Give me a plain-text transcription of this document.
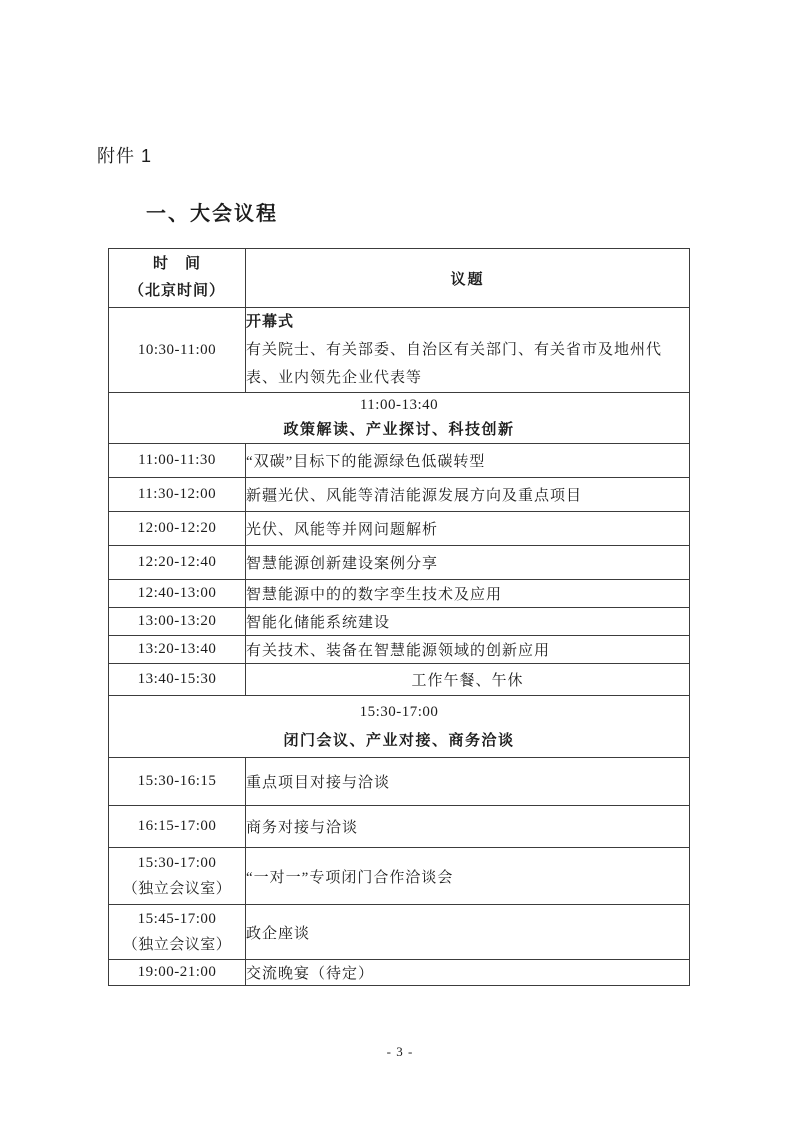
附件 1
一、大会议程
时　间
（北京时间）	议题
10:30-11:00	开幕式
有关院士、有关部委、自治区有关部门、有关省市及地州代表、业内领先企业代表等

11:00-13:40
政策解读、产业探讨、科技创新	

11:00-11:30	“双碳”目标下的能源绿色低碳转型
11:30-12:00	新疆光伏、风能等清洁能源发展方向及重点项目
12:00-12:20	光伏、风能等并网问题解析
12:20-12:40	智慧能源创新建设案例分享
12:40-13:00	智慧能源中的的数字孪生技术及应用
13:00-13:20	智能化储能系统建设
13:20-13:40	有关技术、装备在智慧能源领域的创新应用
13:40-15:30	工作午餐、午休

15:30-17:00
闭门会议、产业对接、商务洽谈	

15:30-16:15	重点项目对接与洽谈
16:15-17:00	商务对接与洽谈

15:30-17:00
（独立会议室）	“一对一”专项闭门合作洽谈会

15:45-17:00
（独立会议室）	政企座谈
19:00-21:00	交流晚宴（待定）
- 3 -
